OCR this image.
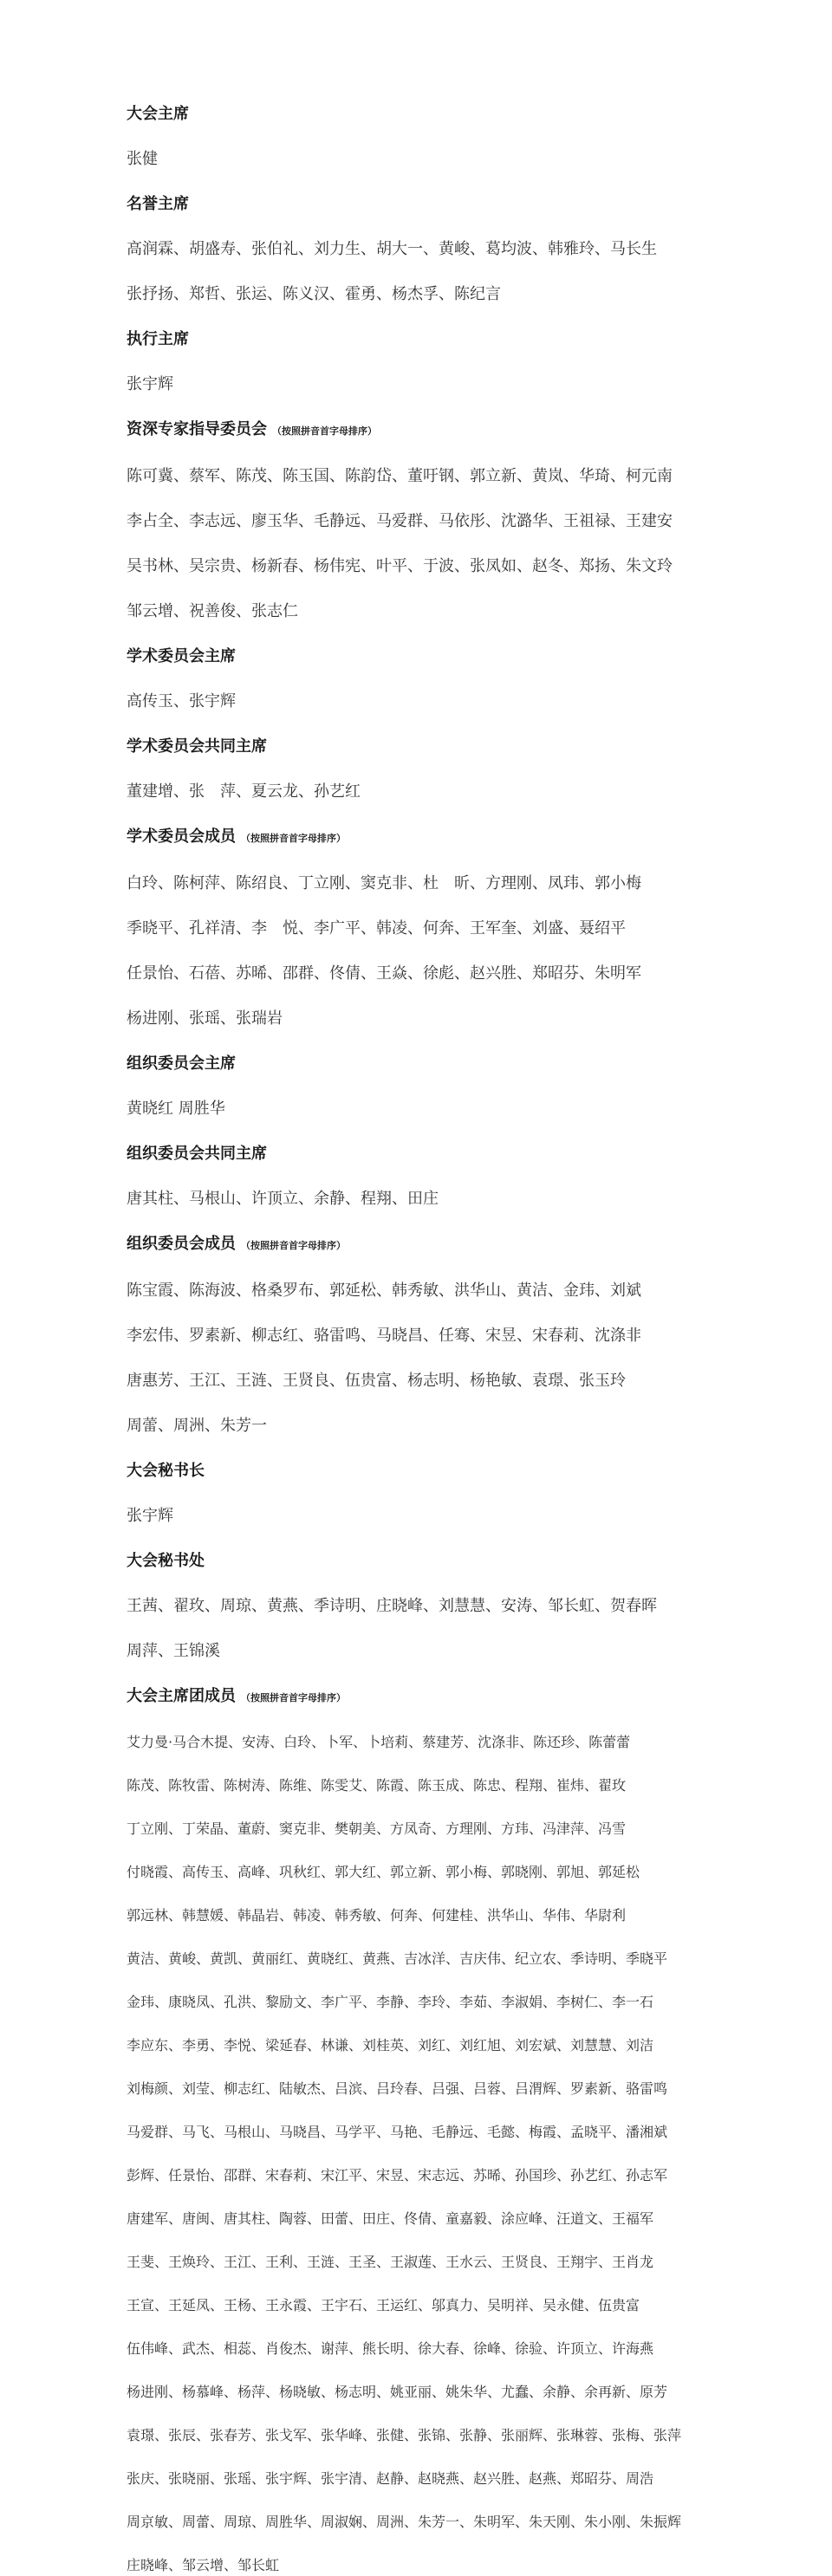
大会主席

张健

名誉主席

高润霖、胡盛寿、张伯礼、刘力生、胡大一、黄峻、葛均波、韩雅玲、马长生

张抒扬、郑哲、张运、陈义汉、霍勇、杨杰孚、陈纪言

执行主席

张宇辉

资深专家指导委员会 （按照拼音首字母排序）

陈可冀、蔡军、陈茂、陈玉国、陈韵岱、董吁钢、郭立新、黄岚、华琦、柯元南

李占全、李志远、廖玉华、毛静远、马爱群、马依彤、沈潞华、王祖禄、王建安

吴书林、吴宗贵、杨新春、杨伟宪、叶平、于波、张凤如、赵冬、郑扬、朱文玲

邹云增、祝善俊、张志仁

学术委员会主席

高传玉、张宇辉

学术委员会共同主席

董建增、张　萍、夏云龙、孙艺红

学术委员会成员 （按照拼音首字母排序）

白玲、陈柯萍、陈绍良、丁立刚、窦克非、杜　昕、方理刚、凤玮、郭小梅

季晓平、孔祥清、李　悦、李广平、韩凌、何奔、王军奎、刘盛、聂绍平

任景怡、石蓓、苏晞、邵群、佟倩、王焱、徐彪、赵兴胜、郑昭芬、朱明军

杨进刚、张瑶、张瑞岩

组织委员会主席

黄晓红 周胜华

组织委员会共同主席

唐其柱、马根山、许顶立、余静、程翔、田庄

组织委员会成员 （按照拼音首字母排序）

陈宝霞、陈海波、格桑罗布、郭延松、韩秀敏、洪华山、黄洁、金玮、刘斌

李宏伟、罗素新、柳志红、骆雷鸣、马晓昌、任骞、宋昱、宋春莉、沈涤非

唐惠芳、王江、王涟、王贤良、伍贵富、杨志明、杨艳敏、袁璟、张玉玲

周蕾、周洲、朱芳一

大会秘书长

张宇辉

大会秘书处

王茜、翟玫、周琼、黄燕、季诗明、庄晓峰、刘慧慧、安涛、邹长虹、贺春晖

周萍、王锦溪

大会主席团成员 （按照拼音首字母排序）

艾力曼·马合木提、安涛、白玲、卜军、卜培莉、蔡建芳、沈涤非、陈还珍、陈蕾蕾

陈茂、陈牧雷、陈树涛、陈维、陈雯艾、陈霞、陈玉成、陈忠、程翔、崔炜、翟玫

丁立刚、丁荣晶、董蔚、窦克非、樊朝美、方凤奇、方理刚、方玮、冯津萍、冯雪

付晓霞、高传玉、高峰、巩秋红、郭大红、郭立新、郭小梅、郭晓刚、郭旭、郭延松

郭远林、韩慧媛、韩晶岩、韩凌、韩秀敏、何奔、何建桂、洪华山、华伟、华尉利

黄洁、黄峻、黄凯、黄丽红、黄晓红、黄燕、吉冰洋、吉庆伟、纪立农、季诗明、季晓平

金玮、康晓凤、孔洪、黎励文、李广平、李静、李玲、李茹、李淑娟、李树仁、李一石

李应东、李勇、李悦、梁延春、林谦、刘桂英、刘红、刘红旭、刘宏斌、刘慧慧、刘洁

刘梅颜、刘莹、柳志红、陆敏杰、吕滨、吕玲春、吕强、吕蓉、吕渭辉、罗素新、骆雷鸣

马爱群、马飞、马根山、马晓昌、马学平、马艳、毛静远、毛懿、梅霞、孟晓平、潘湘斌

彭辉、任景怡、邵群、宋春莉、宋江平、宋昱、宋志远、苏晞、孙国珍、孙艺红、孙志军

唐建军、唐闽、唐其柱、陶蓉、田蕾、田庄、佟倩、童嘉毅、涂应峰、汪道文、王福军

王斐、王焕玲、王江、王利、王涟、王圣、王淑莲、王水云、王贤良、王翔宇、王肖龙

王宣、王延凤、王杨、王永霞、王宇石、王运红、邬真力、吴明祥、吴永健、伍贵富

伍伟峰、武杰、相蕊、肖俊杰、谢萍、熊长明、徐大春、徐峰、徐验、许顶立、许海燕

杨进刚、杨慕峰、杨萍、杨晓敏、杨志明、姚亚丽、姚朱华、尤蠢、余静、余再新、原芳

袁璟、张辰、张春芳、张戈军、张华峰、张健、张锦、张静、张丽辉、张琳蓉、张梅、张萍

张庆、张晓丽、张瑶、张宇辉、张宇清、赵静、赵晓燕、赵兴胜、赵燕、郑昭芬、周浩

周京敏、周蕾、周琼、周胜华、周淑娴、周洲、朱芳一、朱明军、朱天刚、朱小刚、朱振辉

庄晓峰、邹云增、邹长虹
